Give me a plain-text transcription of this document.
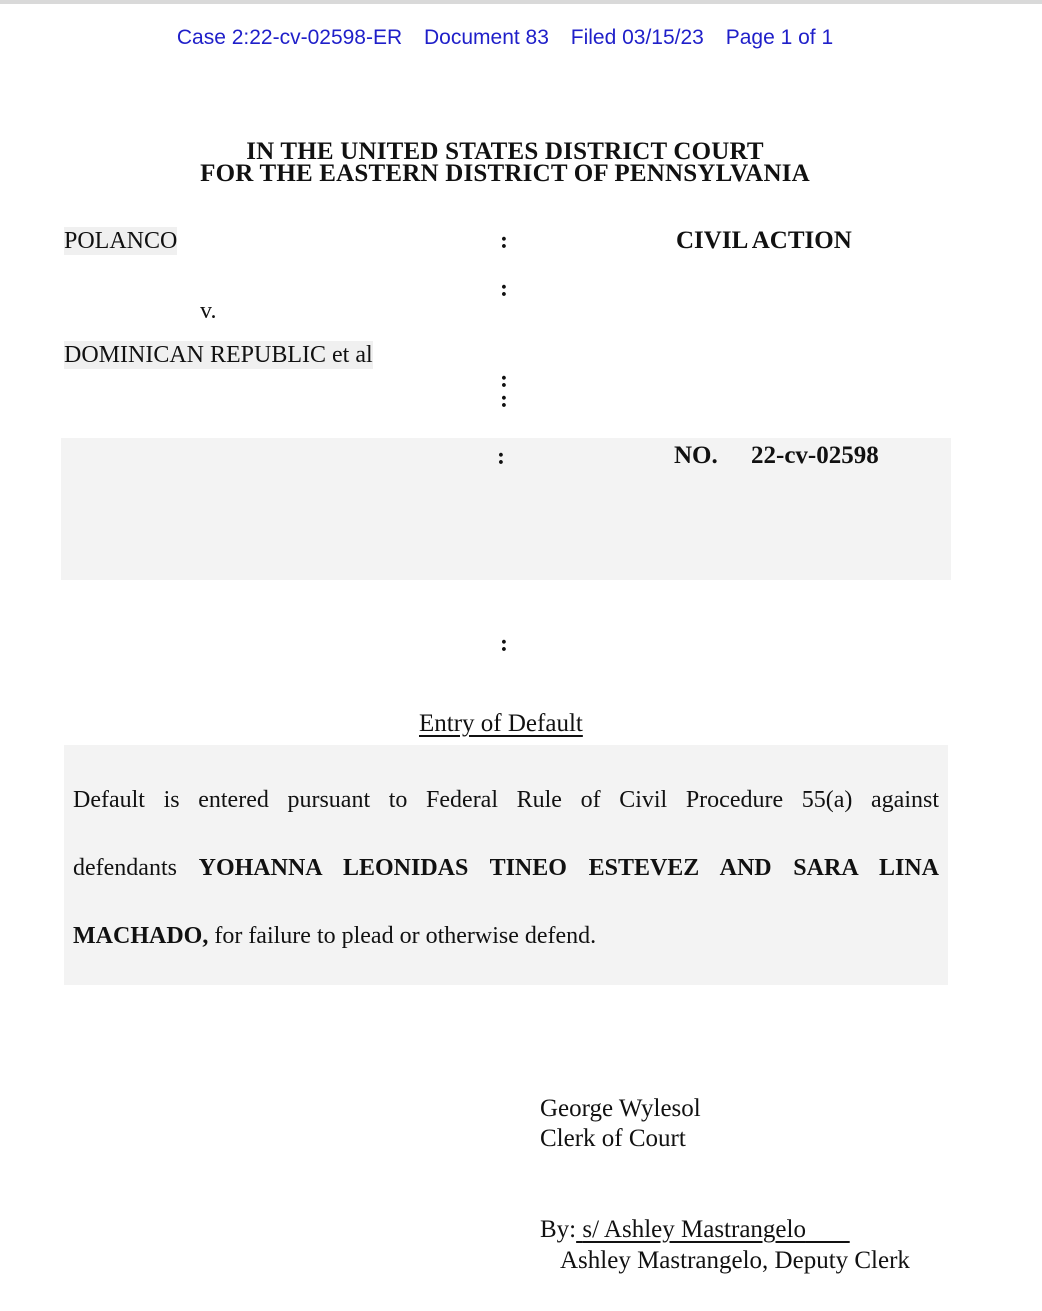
Case 2:22-cv-02598-ER Document 83 Filed 03/15/23 Page 1 of 1
IN THE UNITED STATES DISTRICT COURT
FOR THE EASTERN DISTRICT OF PENNSYLVANIA
POLANCO	CIVIL ACTION
v.
DOMINICAN REPUBLIC et al
:
:
:
:
:	NO. 22-cv-02598
:
Entry of Default
Default is entered pursuant to Federal Rule of Civil Procedure 55(a) against
defendants YOHANNA LEONIDAS TINEO ESTEVEZ AND SARA LINA
MACHADO, for failure to plead or otherwise defend.
George Wylesol
Clerk of Court
By: s/ Ashley Mastrangelo
Ashley Mastrangelo, Deputy Clerk
